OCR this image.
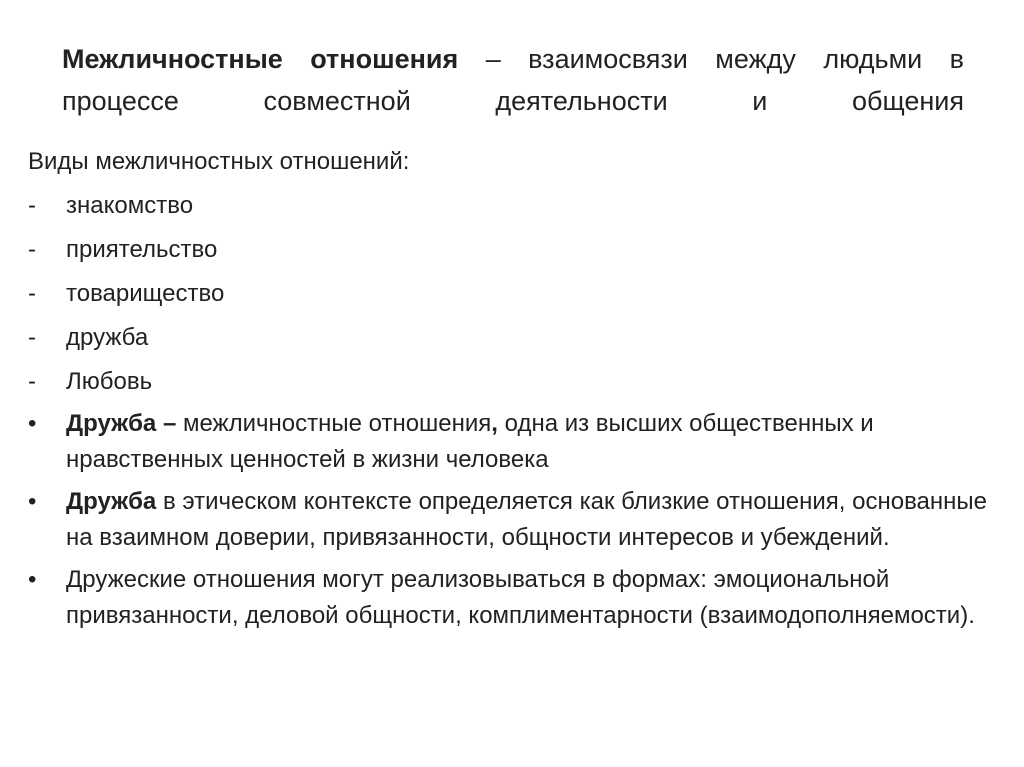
Межличностные отношения – взаимосвязи между людьми в процессе совместной деятельности и общения
Виды межличностных отношений:
- знакомство
- приятельство
- товарищество
- дружба
- Любовь
• Дружба – межличностные отношения, одна из высших общественных и нравственных ценностей в жизни человека
• Дружба в этическом контексте определяется как близкие отношения, основанные на взаимном доверии, привязанности, общности интересов и убеждений.
• Дружеские отношения могут реализовываться в формах: эмоциональной привязанности, деловой общности, комплиментарности (взаимодополняемости).
